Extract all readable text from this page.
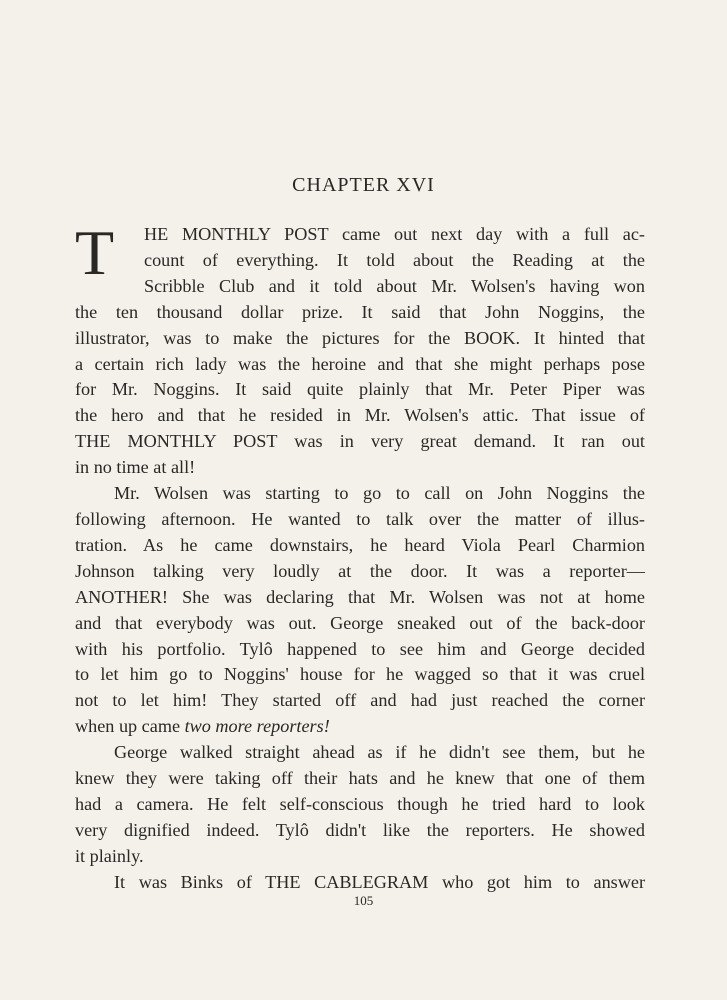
CHAPTER XVI
T HE MONTHLY POST came out next day with a full ac-
count of everything. It told about the Reading at the
Scribble Club and it told about Mr. Wolsen's having won
the ten thousand dollar prize. It said that John Noggins, the
illustrator, was to make the pictures for the BOOK. It hinted that
a certain rich lady was the heroine and that she might perhaps pose
for Mr. Noggins. It said quite plainly that Mr. Peter Piper was
the hero and that he resided in Mr. Wolsen's attic. That issue of
THE MONTHLY POST was in very great demand. It ran out
in no time at all!
Mr. Wolsen was starting to go to call on John Noggins the
following afternoon. He wanted to talk over the matter of illus-
tration. As he came downstairs, he heard Viola Pearl Charmion
Johnson talking very loudly at the door. It was a reporter—
ANOTHER! She was declaring that Mr. Wolsen was not at home
and that everybody was out. George sneaked out of the back-door
with his portfolio. Tylô happened to see him and George decided
to let him go to Noggins' house for he wagged so that it was cruel
not to let him! They started off and had just reached the corner
when up came two more reporters!
George walked straight ahead as if he didn't see them, but he
knew they were taking off their hats and he knew that one of them
had a camera. He felt self-conscious though he tried hard to look
very dignified indeed. Tylô didn't like the reporters. He showed
it plainly.
It was Binks of THE CABLEGRAM who got him to answer
105
